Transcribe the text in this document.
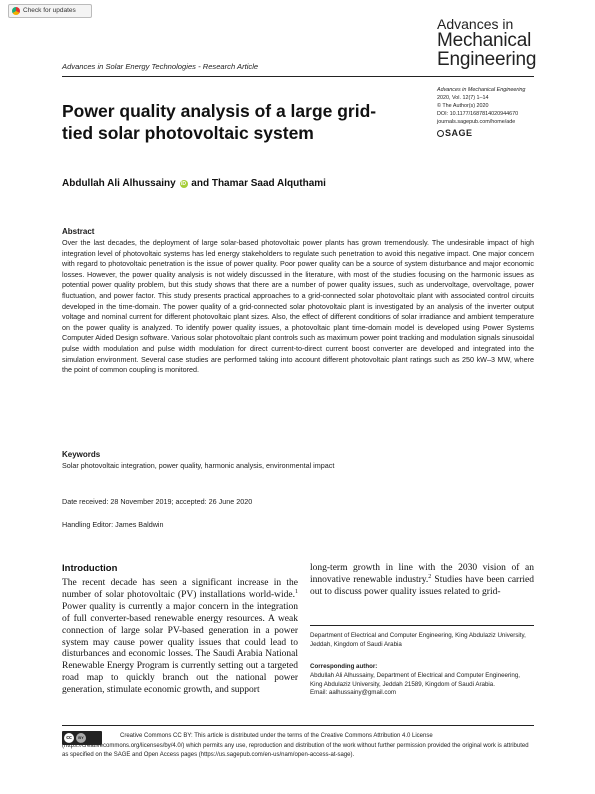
Check for updates
Advances in
Mechanical
Engineering
Advances in Solar Energy Technologies - Research Article
Advances in Mechanical Engineering
2020, Vol. 12(7) 1–14
© The Author(s) 2020
DOI: 10.1177/1687814020944670
journals.sagepub.com/home/ade
SAGE
Power quality analysis of a large grid-tied solar photovoltaic system
Abdullah Ali Alhussainy iD and Thamar Saad Alquthami
Abstract

Over the last decades, the deployment of large solar-based photovoltaic power plants has grown tremendously. The undesirable impact of high integration level of photovoltaic systems has led energy stakeholders to regulate such penetration to avoid this negative impact. One major concern with regard to photovoltaic penetration is the issue of power quality. Poor power quality can be a source of system disturbance and major economic losses. However, the power quality analysis is not widely discussed in the literature, with most of the studies focusing on the harmonic issues as potential power quality problem, but this study shows that there are a number of power quality issues, such as undervoltage, overvoltage, power fluctuation, and power factor. This study presents practical approaches to a grid-connected solar photovoltaic plant with associated control circuits developed in the time-domain. The power quality of a grid-connected solar photovoltaic plant is investigated by an analysis of the inverter output voltage and nominal current for different photovoltaic plant sizes. Also, the effect of different conditions of solar irradiance and ambient temperature on the power quality is analyzed. To identify power quality issues, a photovoltaic plant time-domain model is developed using Power Systems Computer Aided Design software. Various solar photovoltaic plant controls such as maximum power point tracking and modulation signals sinusoidal pulse width modulation and pulse width modulation for direct current-to-direct current boost converter are developed and integrated into the simulation environment. Several case studies are performed taking into account different photovoltaic plant ratings such as 250 kW–3 MW, where the point of common coupling is monitored.

Keywords
Solar photovoltaic integration, power quality, harmonic analysis, environmental impact
Date received: 28 November 2019; accepted: 26 June 2020
Handling Editor: James Baldwin
Introduction

The recent decade has seen a significant increase in the number of solar photovoltaic (PV) installations world-wide.$^1$ Power quality is currently a major concern in the integration of full converter-based renewable energy resources. A weak connection of large solar PV-based generation in a power system may cause power quality issues that could lead to disturbances and economic losses. The Saudi Arabia National Renewable Energy Program is currently setting out a targeted road map to quickly branch out the national power generation, stimulate economic growth, and support

long-term growth in line with the 2030 vision of an innovative renewable industry.$^2$ Studies have been carried out to discuss power quality issues related to grid-

Department of Electrical and Computer Engineering, King Abdulaziz University, Jeddah, Kingdom of Saudi Arabia
Corresponding author:
Abdullah Ali Alhussainy, Department of Electrical and Computer Engineering, King Abdulaziz University, Jeddah 21589, Kingdom of Saudi Arabia.
Email: aalhussainy@gmail.com
cc	BY	Creative Commons CC BY: This article is distributed under the terms of the Creative Commons Attribution 4.0 License (https://creativecommons.org/licenses/by/4.0/) which permits any use, reproduction and distribution of the work without further permission provided the original work is attributed as specified on the SAGE and Open Access pages (https://us.sagepub.com/en-us/nam/open-access-at-sage).
